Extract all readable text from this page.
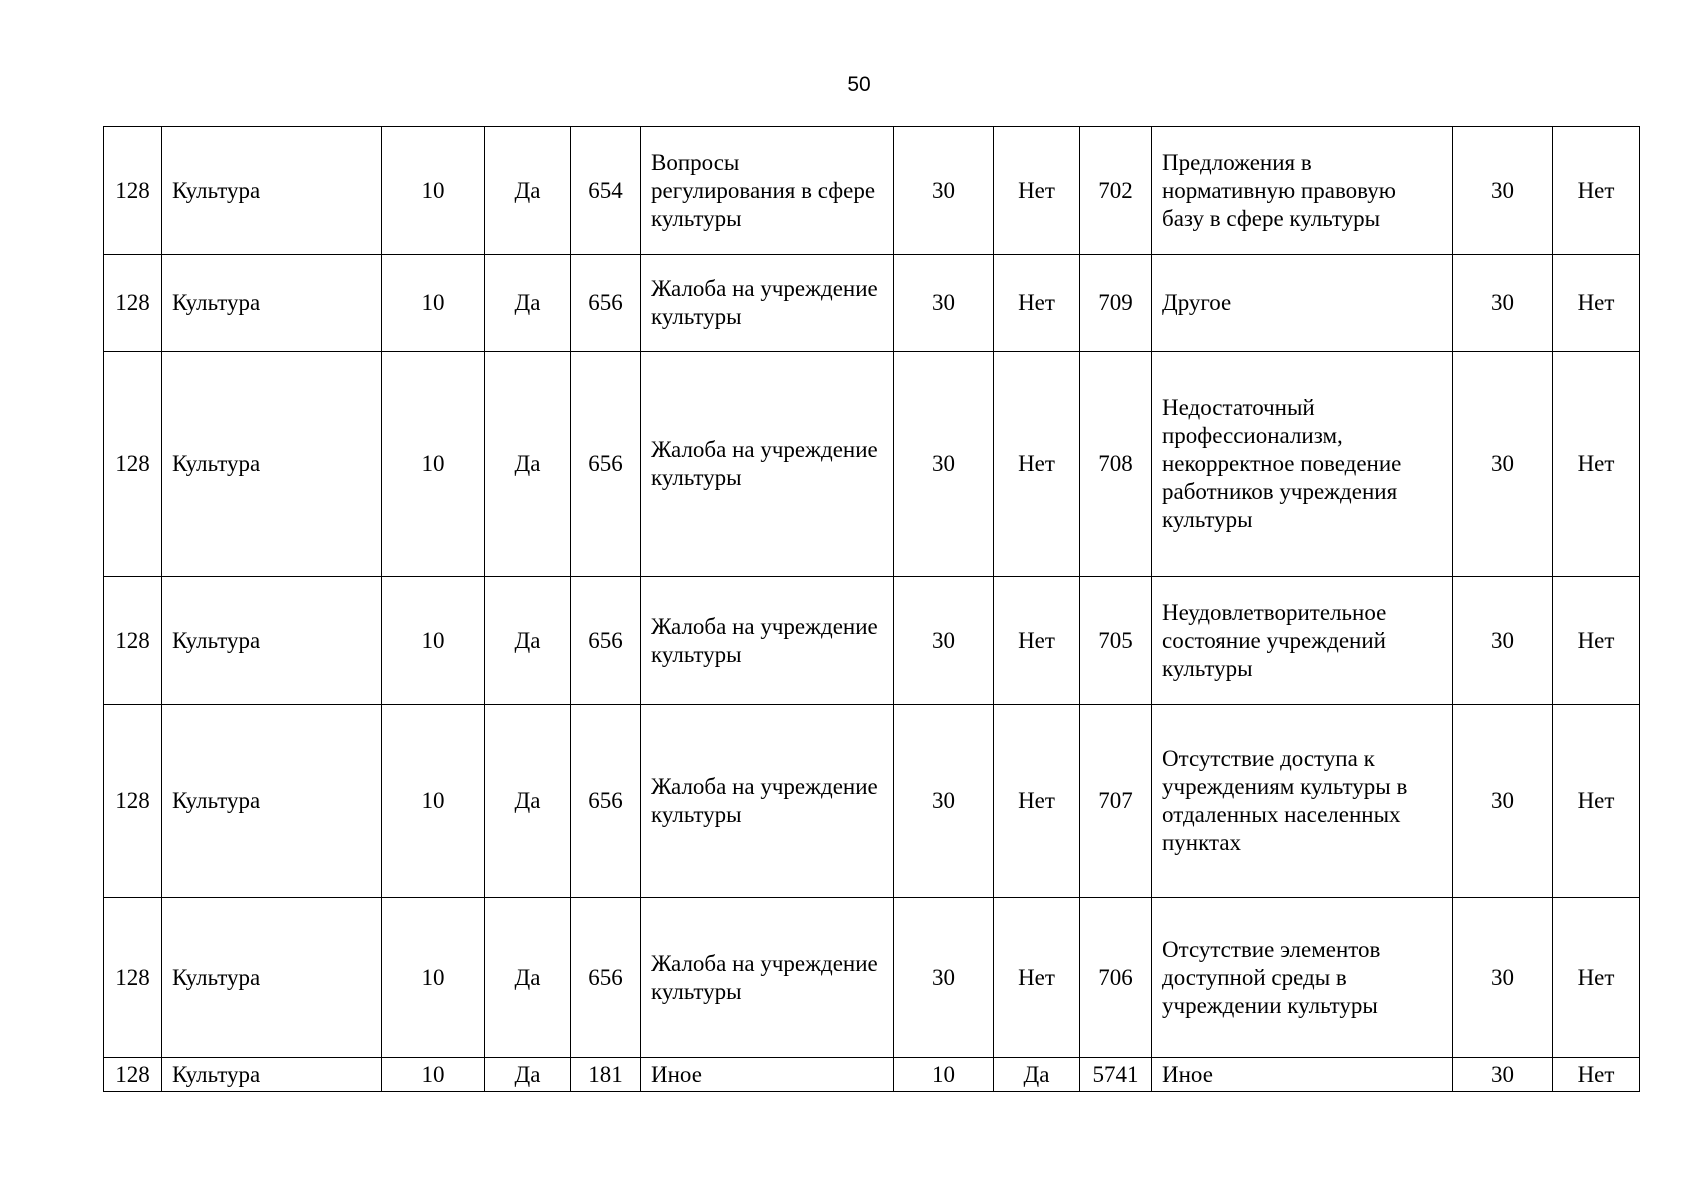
50
128	Культура	10	Да	654	Вопросы регулирования в сфере культуры	30	Нет	702	Предложения в нормативную правовую базу в сфере культуры	30	Нет
128	Культура	10	Да	656	Жалоба на учреждение культуры	30	Нет	709	Другое	30	Нет
128	Культура	10	Да	656	Жалоба на учреждение культуры	30	Нет	708	Недостаточный профессионализм, некорректное поведение работников учреждения культуры	30	Нет
128	Культура	10	Да	656	Жалоба на учреждение культуры	30	Нет	705	Неудовлетворительное состояние учреждений культуры	30	Нет
128	Культура	10	Да	656	Жалоба на учреждение культуры	30	Нет	707	Отсутствие доступа к учреждениям культуры в отдаленных населенных пунктах	30	Нет
128	Культура	10	Да	656	Жалоба на учреждение культуры	30	Нет	706	Отсутствие элементов доступной среды в учреждении культуры	30	Нет
128	Культура	10	Да	181	Иное	10	Да	5741	Иное	30	Нет
